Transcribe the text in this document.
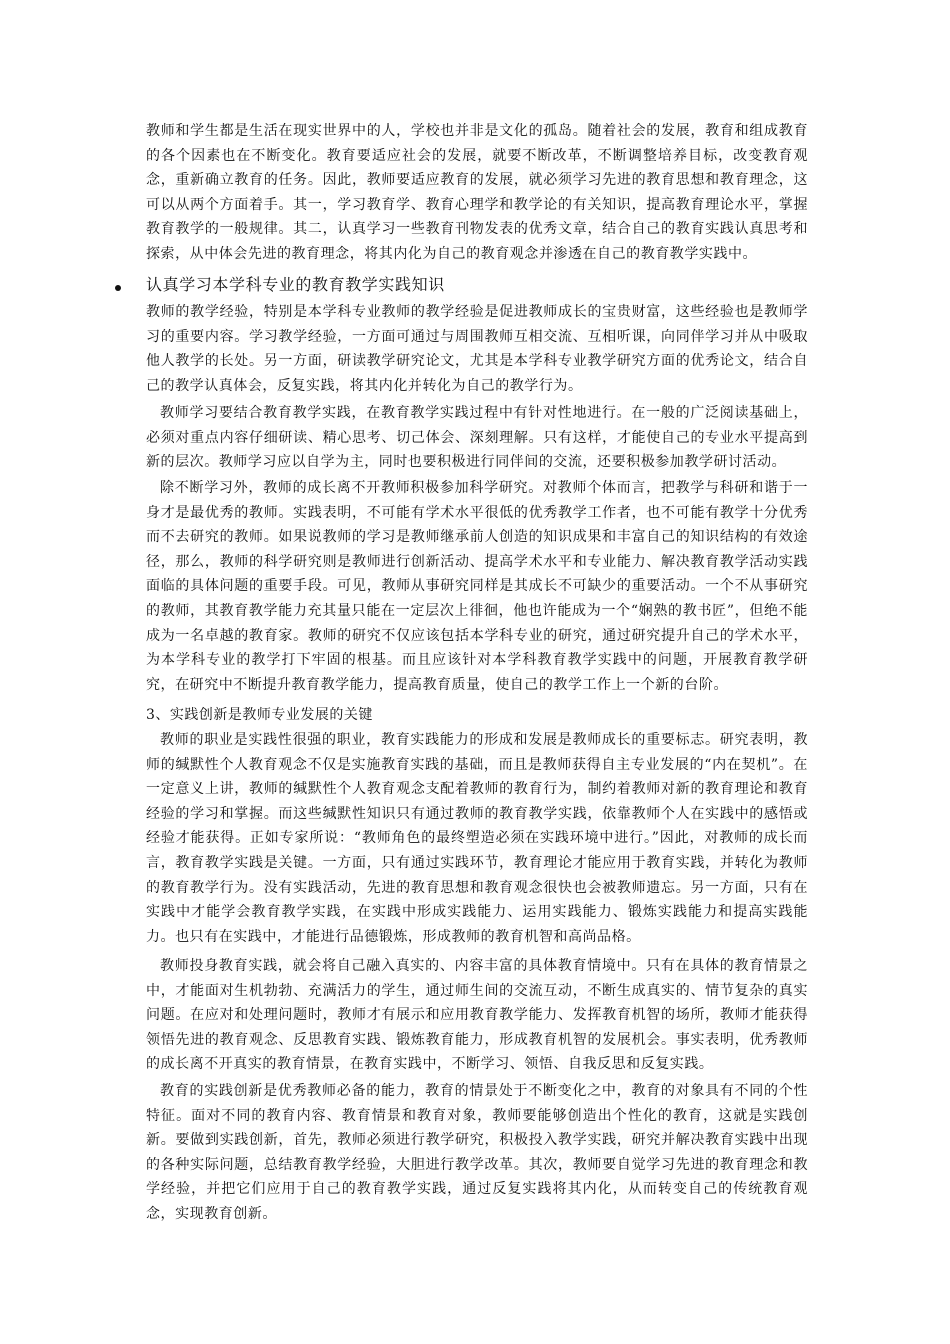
教师和学生都是生活在现实世界中的人，学校也并非是文化的孤岛。随着社会的发展，教育和组成教育的各个因素也在不断变化。教育要适应社会的发展，就要不断改革，不断调整培养目标，改变教育观念，重新确立教育的任务。因此，教师要适应教育的发展，就必须学习先进的教育思想和教育理念，这可以从两个方面着手。其一，学习教育学、教育心理学和教学论的有关知识，提高教育理论水平，掌握教育教学的一般规律。其二，认真学习一些教育刊物发表的优秀文章，结合自己的教育实践认真思考和探索，从中体会先进的教育理念，将其内化为自己的教育观念并渗透在自己的教育教学实践中。

认真学习本学科专业的教育教学实践知识

教师的教学经验，特别是本学科专业教师的教学经验是促进教师成长的宝贵财富，这些经验也是教师学习的重要内容。学习教学经验，一方面可通过与周围教师互相交流、互相听课，向同伴学习并从中吸取他人教学的长处。另一方面，研读教学研究论文，尤其是本学科专业教学研究方面的优秀论文，结合自己的教学认真体会，反复实践，将其内化并转化为自己的教学行为。

教师学习要结合教育教学实践，在教育教学实践过程中有针对性地进行。在一般的广泛阅读基础上，必须对重点内容仔细研读、精心思考、切己体会、深刻理解。只有这样，才能使自己的专业水平提高到新的层次。教师学习应以自学为主，同时也要积极进行同伴间的交流，还要积极参加教学研讨活动。

除不断学习外，教师的成长离不开教师积极参加科学研究。对教师个体而言，把教学与科研和谐于一身才是最优秀的教师。实践表明，不可能有学术水平很低的优秀教学工作者，也不可能有教学十分优秀而不去研究的教师。如果说教师的学习是教师继承前人创造的知识成果和丰富自己的知识结构的有效途径，那么，教师的科学研究则是教师进行创新活动、提高学术水平和专业能力、解决教育教学活动实践面临的具体问题的重要手段。可见，教师从事研究同样是其成长不可缺少的重要活动。一个不从事研究的教师，其教育教学能力充其量只能在一定层次上徘徊，他也许能成为一个“娴熟的教书匠”，但绝不能成为一名卓越的教育家。教师的研究不仅应该包括本学科专业的研究，通过研究提升自己的学术水平，为本学科专业的教学打下牢固的根基。而且应该针对本学科教育教学实践中的问题，开展教育教学研究，在研究中不断提升教育教学能力，提高教育质量，使自己的教学工作上一个新的台阶。

3、实践创新是教师专业发展的关键

教师的职业是实践性很强的职业，教育实践能力的形成和发展是教师成长的重要标志。研究表明，教师的缄默性个人教育观念不仅是实施教育实践的基础，而且是教师获得自主专业发展的“内在契机”。在一定意义上讲，教师的缄默性个人教育观念支配着教师的教育行为，制约着教师对新的教育理论和教育经验的学习和掌握。而这些缄默性知识只有通过教师的教育教学实践，依靠教师个人在实践中的感悟或经验才能获得。正如专家所说：“教师角色的最终塑造必须在实践环境中进行。”因此，对教师的成长而言，教育教学实践是关键。一方面，只有通过实践环节，教育理论才能应用于教育实践，并转化为教师的教育教学行为。没有实践活动，先进的教育思想和教育观念很快也会被教师遗忘。另一方面，只有在实践中才能学会教育教学实践，在实践中形成实践能力、运用实践能力、锻炼实践能力和提高实践能力。也只有在实践中，才能进行品德锻炼，形成教师的教育机智和高尚品格。

教师投身教育实践，就会将自己融入真实的、内容丰富的具体教育情境中。只有在具体的教育情景之中，才能面对生机勃勃、充满活力的学生，通过师生间的交流互动，不断生成真实的、情节复杂的真实问题。在应对和处理问题时，教师才有展示和应用教育教学能力、发挥教育机智的场所，教师才能获得领悟先进的教育观念、反思教育实践、锻炼教育能力，形成教育机智的发展机会。事实表明，优秀教师的成长离不开真实的教育情景，在教育实践中，不断学习、领悟、自我反思和反复实践。

教育的实践创新是优秀教师必备的能力，教育的情景处于不断变化之中，教育的对象具有不同的个性特征。面对不同的教育内容、教育情景和教育对象，教师要能够创造出个性化的教育，这就是实践创新。要做到实践创新，首先，教师必须进行教学研究，积极投入教学实践，研究并解决教育实践中出现的各种实际问题，总结教育教学经验，大胆进行教学改革。其次，教师要自觉学习先进的教育理念和教学经验，并把它们应用于自己的教育教学实践，通过反复实践将其内化，从而转变自己的传统教育观念，实现教育创新。
